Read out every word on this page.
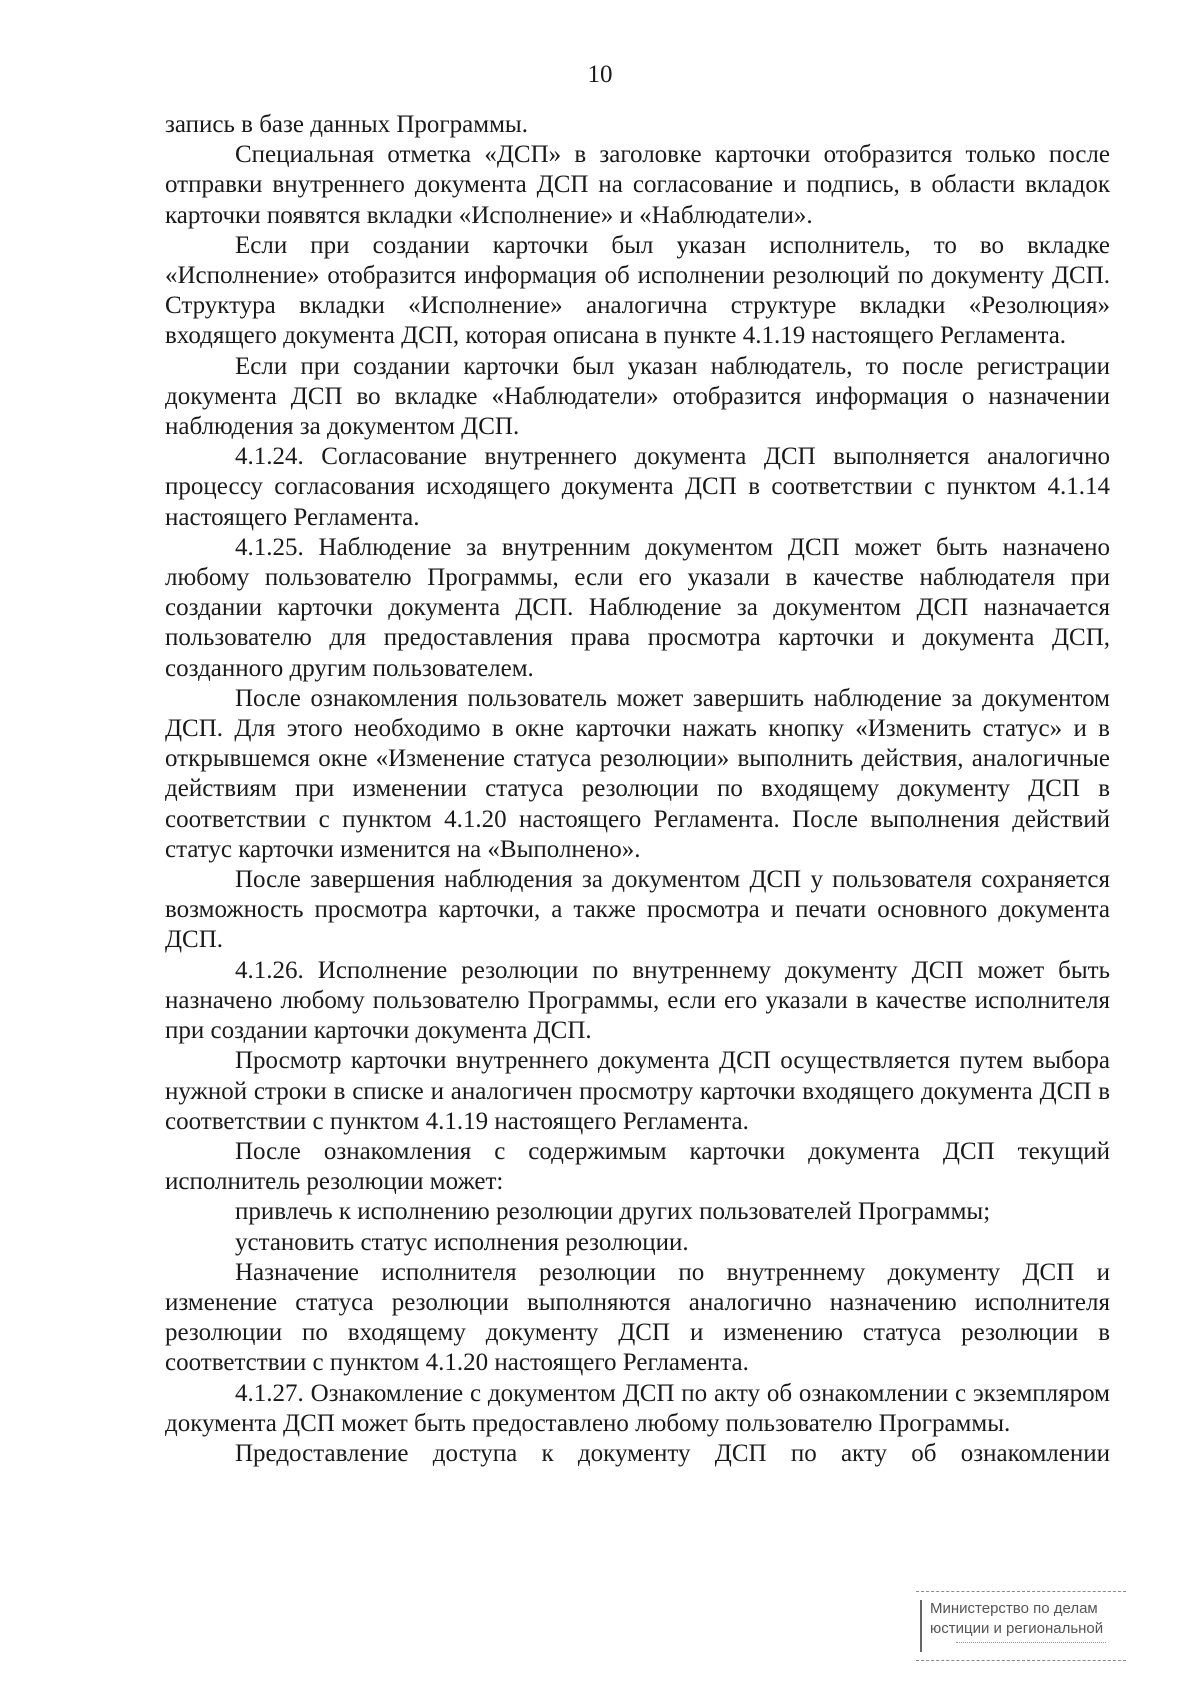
10

запись в базе данных Программы.

Специальная отметка «ДСП» в заголовке карточки отобразится только после отправки внутреннего документа ДСП на согласование и подпись, в области вкладок карточки появятся вкладки «Исполнение» и «Наблюдатели».

Если при создании карточки был указан исполнитель, то во вкладке «Исполнение» отобразится информация об исполнении резолюций по документу ДСП. Структура вкладки «Исполнение» аналогична структуре вкладки «Резолюция» входящего документа ДСП, которая описана в пункте 4.1.19 настоящего Регламента.

Если при создании карточки был указан наблюдатель, то после регистрации документа ДСП во вкладке «Наблюдатели» отобразится информация о назначении наблюдения за документом ДСП.

4.1.24. Согласование внутреннего документа ДСП выполняется аналогично процессу согласования исходящего документа ДСП в соответствии с пунктом 4.1.14 настоящего Регламента.

4.1.25. Наблюдение за внутренним документом ДСП может быть назначено любому пользователю Программы, если его указали в качестве наблюдателя при создании карточки документа ДСП. Наблюдение за документом ДСП назначается пользователю для предоставления права просмотра карточки и документа ДСП, созданного другим пользователем.

После ознакомления пользователь может завершить наблюдение за документом ДСП. Для этого необходимо в окне карточки нажать кнопку «Изменить статус» и в открывшемся окне «Изменение статуса резолюции» выполнить действия, аналогичные действиям при изменении статуса резолюции по входящему документу ДСП в соответствии с пунктом 4.1.20 настоящего Регламента. После выполнения действий статус карточки изменится на «Выполнено».

После завершения наблюдения за документом ДСП у пользователя сохраняется возможность просмотра карточки, а также просмотра и печати основного документа ДСП.

4.1.26. Исполнение резолюции по внутреннему документу ДСП может быть назначено любому пользователю Программы, если его указали в качестве исполнителя при создании карточки документа ДСП.

Просмотр карточки внутреннего документа ДСП осуществляется путем выбора нужной строки в списке и аналогичен просмотру карточки входящего документа ДСП в соответствии с пунктом 4.1.19 настоящего Регламента.

После ознакомления с содержимым карточки документа ДСП текущий исполнитель резолюции может:

привлечь к исполнению резолюции других пользователей Программы;

установить статус исполнения резолюции.

Назначение исполнителя резолюции по внутреннему документу ДСП и изменение статуса резолюции выполняются аналогично назначению исполнителя резолюции по входящему документу ДСП и изменению статуса резолюции в соответствии с пунктом 4.1.20 настоящего Регламента.

4.1.27. Ознакомление с документом ДСП по акту об ознакомлении с экземпляром документа ДСП может быть предоставлено любому пользователю Программы.

Предоставление доступа к документу ДСП по акту об ознакомлении

Министерство по делам
юстиции и региональной
